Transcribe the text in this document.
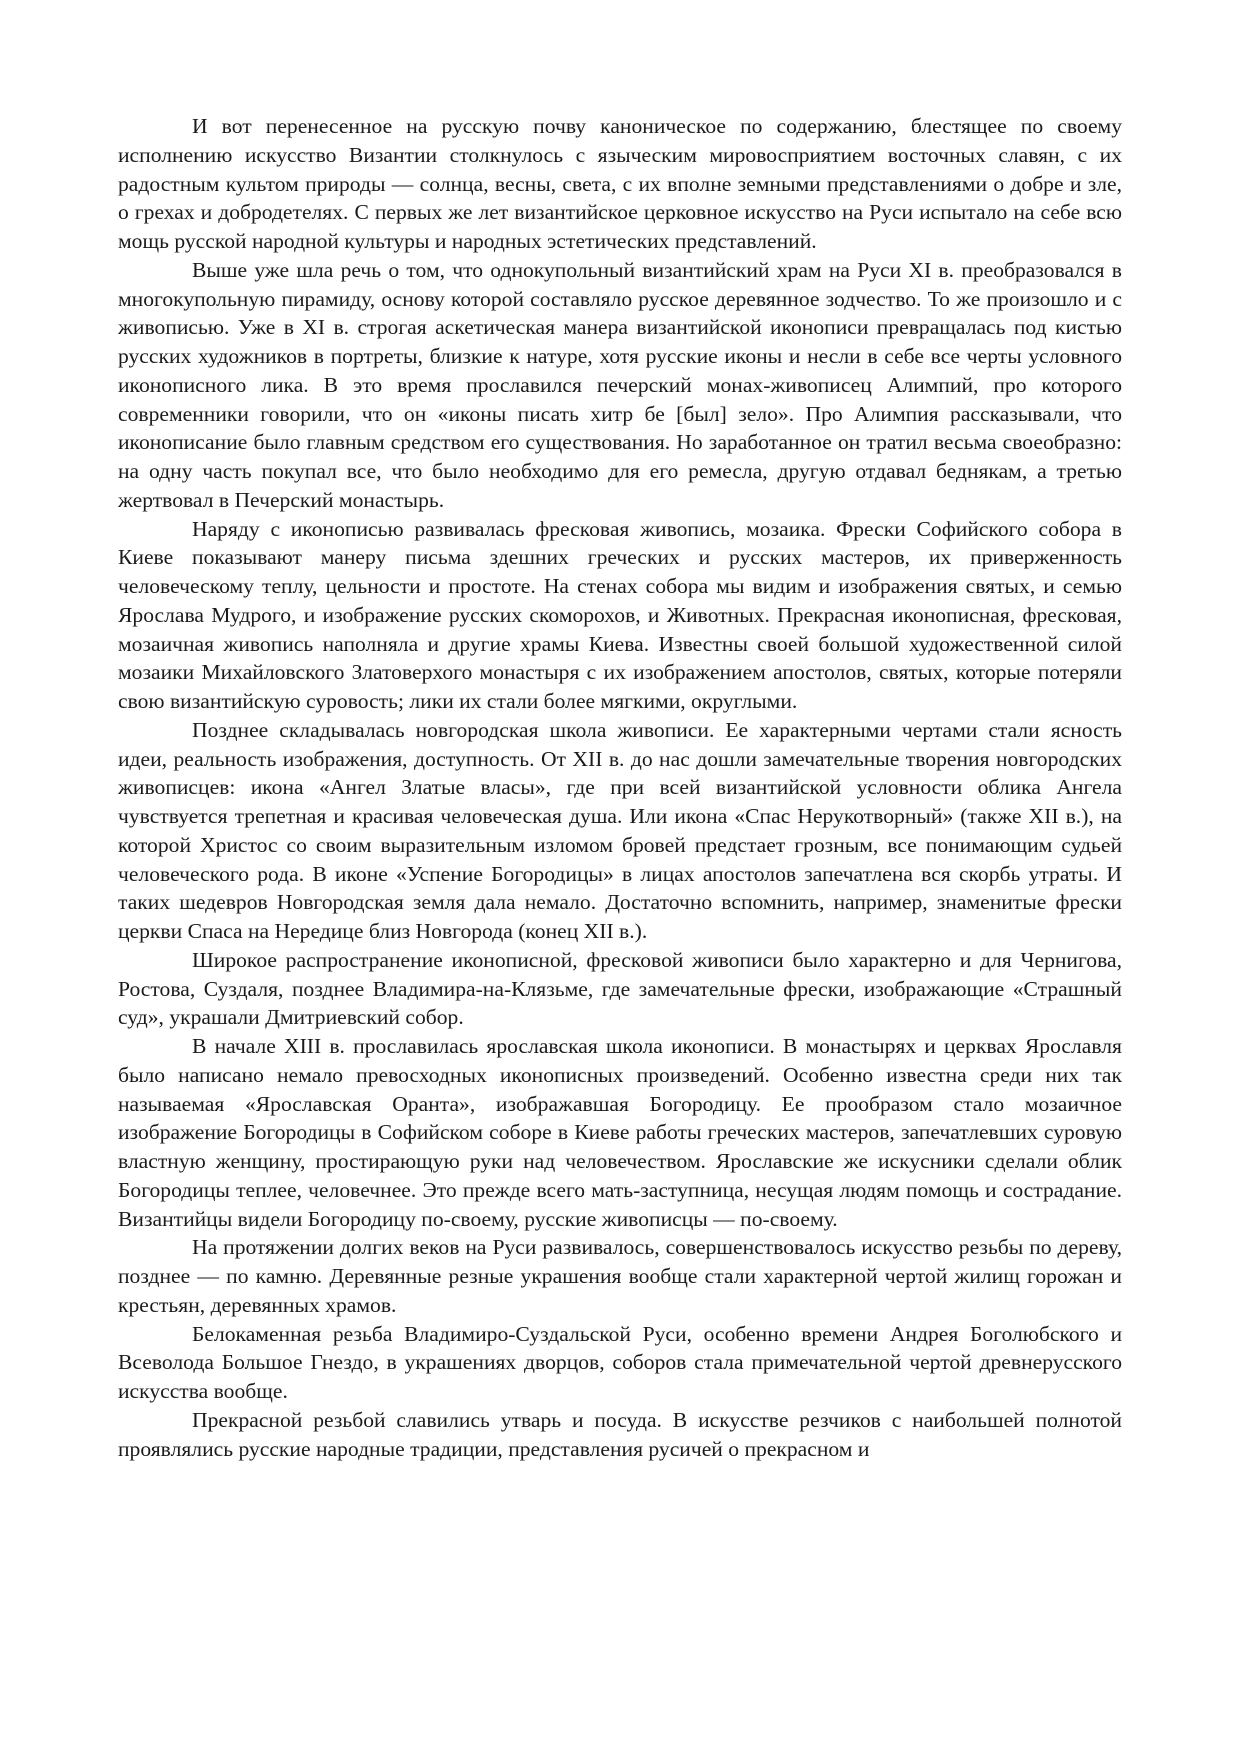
И вот перенесенное на русскую почву каноническое по содержанию, блестящее по своему исполнению искусство Византии столкнулось с языческим мировосприятием восточных славян, с их радостным культом природы — солнца, весны, света, с их вполне земными представлениями о добре и зле, о грехах и добродетелях. С первых же лет византийское церковное искусство на Руси испытало на себе всю мощь русской народной культуры и народных эстетических представлений.

Выше уже шла речь о том, что однокупольный византийский храм на Руси XI в. преобразовался в многокупольную пирамиду, основу которой составляло русское деревянное зодчество. То же произошло и с живописью. Уже в XI в. строгая аскетическая манера византийской иконописи превращалась под кистью русских художников в портреты, близкие к натуре, хотя русские иконы и несли в себе все черты условного иконописного лика. В это время прославился печерский монах-живописец Алимпий, про которого современники говорили, что он «иконы писать хитр бе [был] зело». Про Алимпия рассказывали, что иконописание было главным средством его существования. Но заработанное он тратил весьма своеобразно: на одну часть покупал все, что было необходимо для его ремесла, другую отдавал беднякам, а третью жертвовал в Печерский монастырь.

Наряду с иконописью развивалась фресковая живопись, мозаика. Фрески Софийского собора в Киеве показывают манеру письма здешних греческих и русских мастеров, их приверженность человеческому теплу, цельности и простоте. На стенах собора мы видим и изображения святых, и семью Ярослава Мудрого, и изображение русских скоморохов, и Животных. Прекрасная иконописная, фресковая, мозаичная живопись наполняла и другие храмы Киева. Известны своей большой художественной силой мозаики Михайловского Златоверхого монастыря с их изображением апостолов, святых, которые потеряли свою византийскую суровость; лики их стали более мягкими, округлыми.

Позднее складывалась новгородская школа живописи. Ее характерными чертами стали ясность идеи, реальность изображения, доступность. От XII в. до нас дошли замечательные творения новгородских живописцев: икона «Ангел Златые власы», где при всей византийской условности облика Ангела чувствуется трепетная и красивая человеческая душа. Или икона «Спас Нерукотворный» (также XII в.), на которой Христос со своим выразительным изломом бровей предстает грозным, все понимающим судьей человеческого рода. В иконе «Успение Богородицы» в лицах апостолов запечатлена вся скорбь утраты. И таких шедевров Новгородская земля дала немало. Достаточно вспомнить, например, знаменитые фрески церкви Спаса на Нередице близ Новгорода (конец XII в.).

Широкое распространение иконописной, фресковой живописи было характерно и для Чернигова, Ростова, Суздаля, позднее Владимира-на-Клязьме, где замечательные фрески, изображающие «Страшный суд», украшали Дмитриевский собор.

В начале XIII в. прославилась ярославская школа иконописи. В монастырях и церквах Ярославля было написано немало превосходных иконописных произведений. Особенно известна среди них так называемая «Ярославская Оранта», изображавшая Богородицу. Ее прообразом стало мозаичное изображение Богородицы в Софийском соборе в Киеве работы греческих мастеров, запечатлевших суровую властную женщину, простирающую руки над человечеством. Ярославские же искусники сделали облик Богородицы теплее, человечнее. Это прежде всего мать-заступница, несущая людям помощь и сострадание. Византийцы видели Богородицу по-своему, русские живописцы — по-своему.

На протяжении долгих веков на Руси развивалось, совершенствовалось искусство резьбы по дереву, позднее — по камню. Деревянные резные украшения вообще стали характерной чертой жилищ горожан и крестьян, деревянных храмов.

Белокаменная резьба Владимиро-Суздальской Руси, особенно времени Андрея Боголюбского и Всеволода Большое Гнездо, в украшениях дворцов, соборов стала примечательной чертой древнерусского искусства вообще.

Прекрасной резьбой славились утварь и посуда. В искусстве резчиков с наибольшей полнотой проявлялись русские народные традиции, представления русичей о прекрасном и
